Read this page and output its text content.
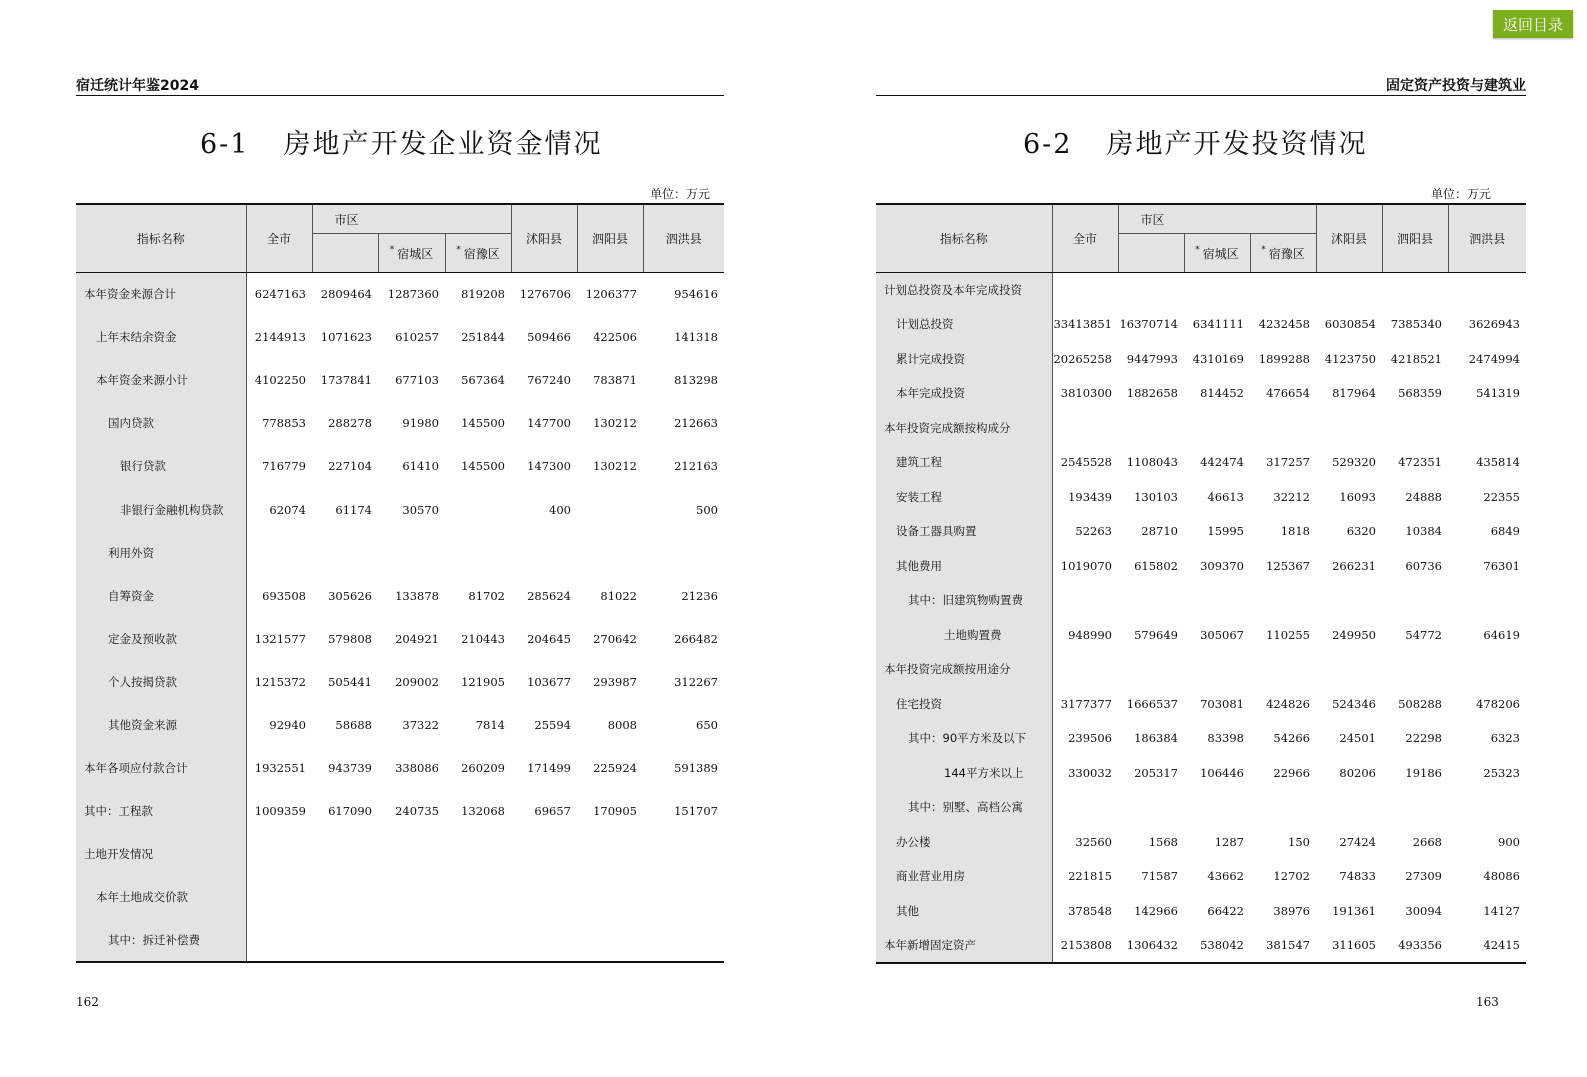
返回目录
宿迁统计年鉴2024
6-1 房地产开发企业资金情况
单位：万元
指标名称	全市	市区			沭阳县	泗阳县	泗洪县
			* 宿城区	* 宿豫区			
本年资金来源合计	6247163	2809464	1287360	819208	1276706	1206377	954616
上年末结余资金	2144913	1071623	610257	251844	509466	422506	141318
本年资金来源小计	4102250	1737841	677103	567364	767240	783871	813298
国内贷款	778853	288278	91980	145500	147700	130212	212663
银行贷款	716779	227104	61410	145500	147300	130212	212163
非银行金融机构贷款	62074	61174	30570		400		500
利用外资							
自筹资金	693508	305626	133878	81702	285624	81022	21236
定金及预收款	1321577	579808	204921	210443	204645	270642	266482
个人按揭贷款	1215372	505441	209002	121905	103677	293987	312267
其他资金来源	92940	58688	37322	7814	25594	8008	650
本年各项应付款合计	1932551	943739	338086	260209	171499	225924	591389
其中：工程款	1009359	617090	240735	132068	69657	170905	151707
土地开发情况							
本年土地成交价款							
其中：拆迁补偿费							
162
固定资产投资与建筑业
6-2 房地产开发投资情况
单位：万元
指标名称	全市	市区			沭阳县	泗阳县	泗洪县
			* 宿城区	* 宿豫区			
计划总投资及本年完成投资							
计划总投资	33413851	16370714	6341111	4232458	6030854	7385340	3626943
累计完成投资	20265258	9447993	4310169	1899288	4123750	4218521	2474994
本年完成投资	3810300	1882658	814452	476654	817964	568359	541319
本年投资完成额按构成分							
建筑工程	2545528	1108043	442474	317257	529320	472351	435814
安装工程	193439	130103	46613	32212	16093	24888	22355
设备工器具购置	52263	28710	15995	1818	6320	10384	6849
其他费用	1019070	615802	309370	125367	266231	60736	76301
其中：旧建筑物购置费							
土地购置费	948990	579649	305067	110255	249950	54772	64619
本年投资完成额按用途分							
住宅投资	3177377	1666537	703081	424826	524346	508288	478206
其中：90平方米及以下	239506	186384	83398	54266	24501	22298	6323
144平方米以上	330032	205317	106446	22966	80206	19186	25323
其中：别墅、高档公寓							
办公楼	32560	1568	1287	150	27424	2668	900
商业营业用房	221815	71587	43662	12702	74833	27309	48086
其他	378548	142966	66422	38976	191361	30094	14127
本年新增固定资产	2153808	1306432	538042	381547	311605	493356	42415
163
